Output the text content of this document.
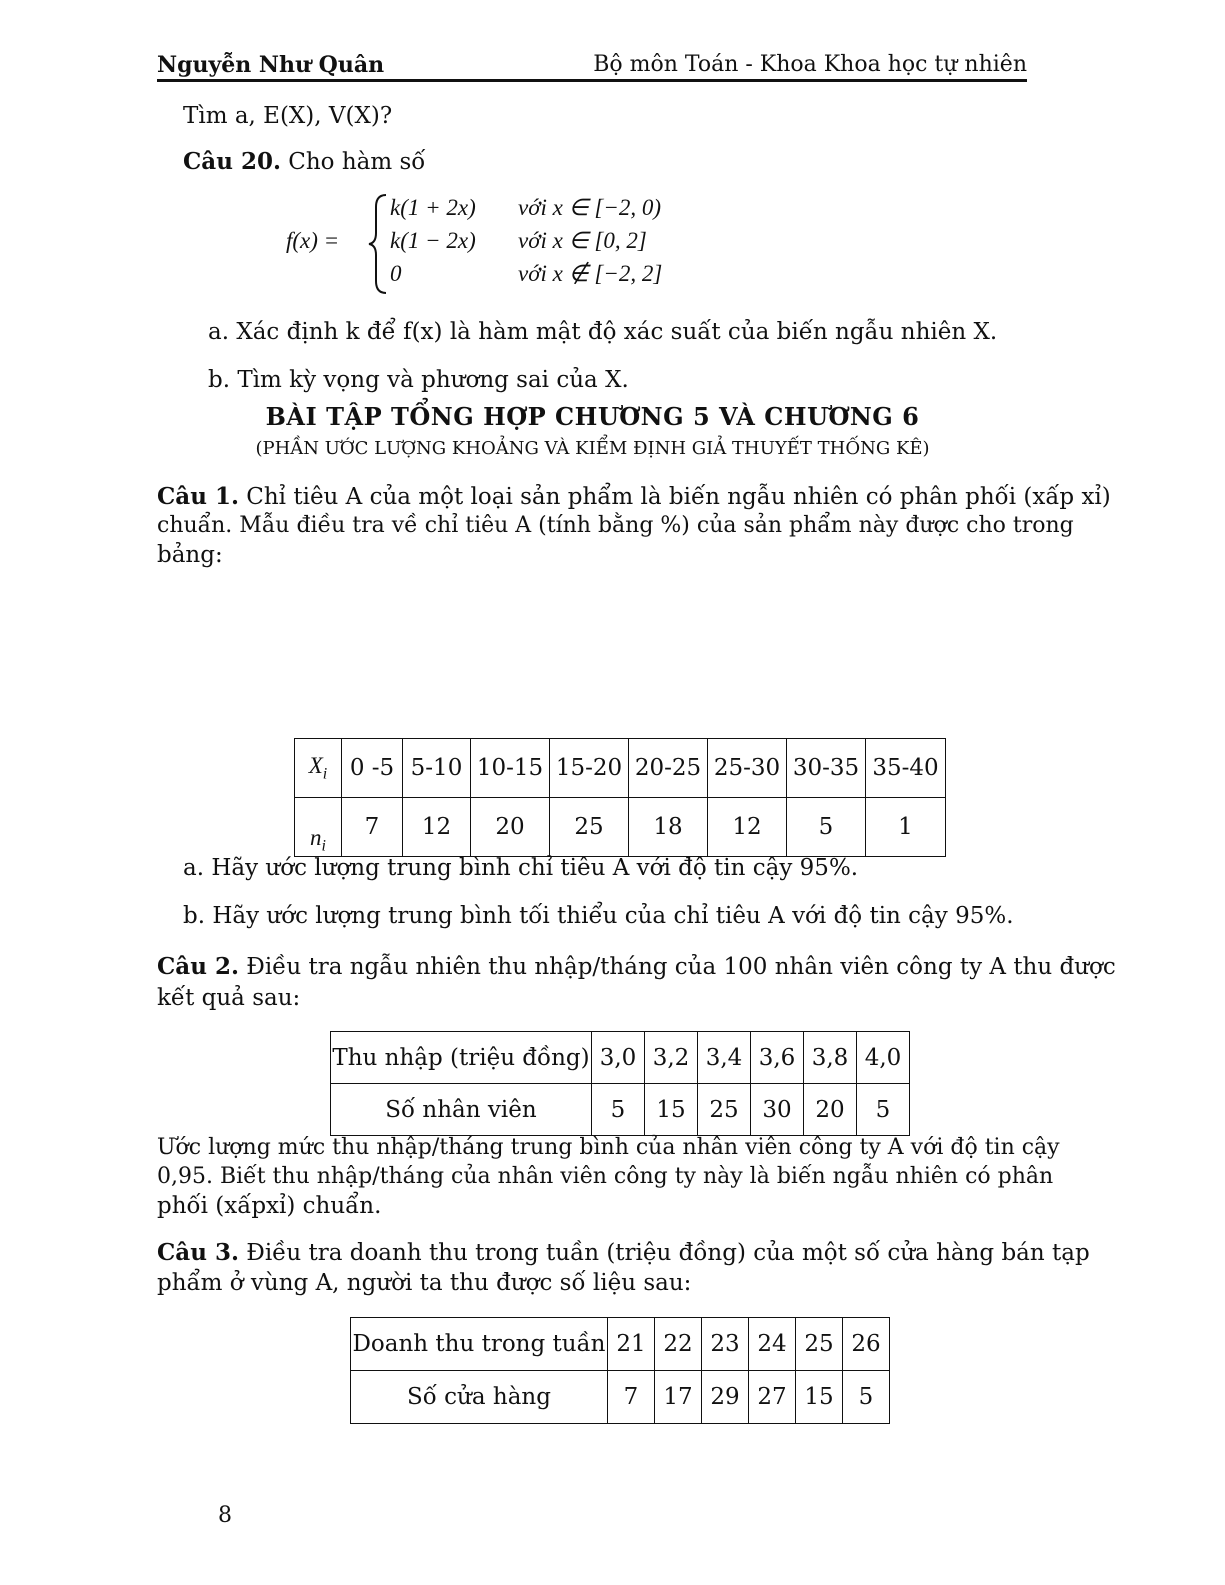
Nguyễn Như Quân	Bộ môn Toán - Khoa Khoa học tự nhiên
Tìm a, E(X), V(X)?
Câu 20. Cho hàm số
f(x) =
k(1 + 2x) với x ∈ [−2, 0)
k(1 − 2x) với x ∈ [0, 2]
0	với x ∉ [−2, 2]
a. Xác định k để f(x) là hàm mật độ xác suất của biến ngẫu nhiên X.
b. Tìm kỳ vọng và phương sai của X.
BÀI TẬP TỔNG HỢP CHƯƠNG 5 VÀ CHƯƠNG 6
(PHẦN ƯỚC LƯỢNG KHOẢNG VÀ KIỂM ĐỊNH GIẢ THUYẾT THỐNG KÊ)
Câu 1. Chỉ tiêu A của một loại sản phẩm là biến ngẫu nhiên có phân phối (xấp xỉ)
chuẩn. Mẫu điều tra về chỉ tiêu A (tính bằng %) của sản phẩm này được cho trong
bảng:
$X_i$	0 -5	5-10	10-15	15-20	20-25	25-30	30-35	35-40
$n_i$	7	12	20	25	18	12	5	1
a. Hãy ước lượng trung bình chỉ tiêu A với độ tin cậy 95%.
b. Hãy ước lượng trung bình tối thiểu của chỉ tiêu A với độ tin cậy 95%.
Câu 2. Điều tra ngẫu nhiên thu nhập/tháng của 100 nhân viên công ty A thu được
kết quả sau:
Thu nhập (triệu đồng)	3,0	3,2	3,4	3,6	3,8	4,0
Số nhân viên	5	15	25	30	20	5
Ước lượng mức thu nhập/tháng trung bình của nhân viên công ty A với độ tin cậy
0,95. Biết thu nhập/tháng của nhân viên công ty này là biến ngẫu nhiên có phân
phối (xấpxỉ) chuẩn.
Câu 3. Điều tra doanh thu trong tuần (triệu đồng) của một số cửa hàng bán tạp
phẩm ở vùng A, người ta thu được số liệu sau:
Doanh thu trong tuần	21	22	23	24	25	26
Số cửa hàng	7	17	29	27	15	5
8
